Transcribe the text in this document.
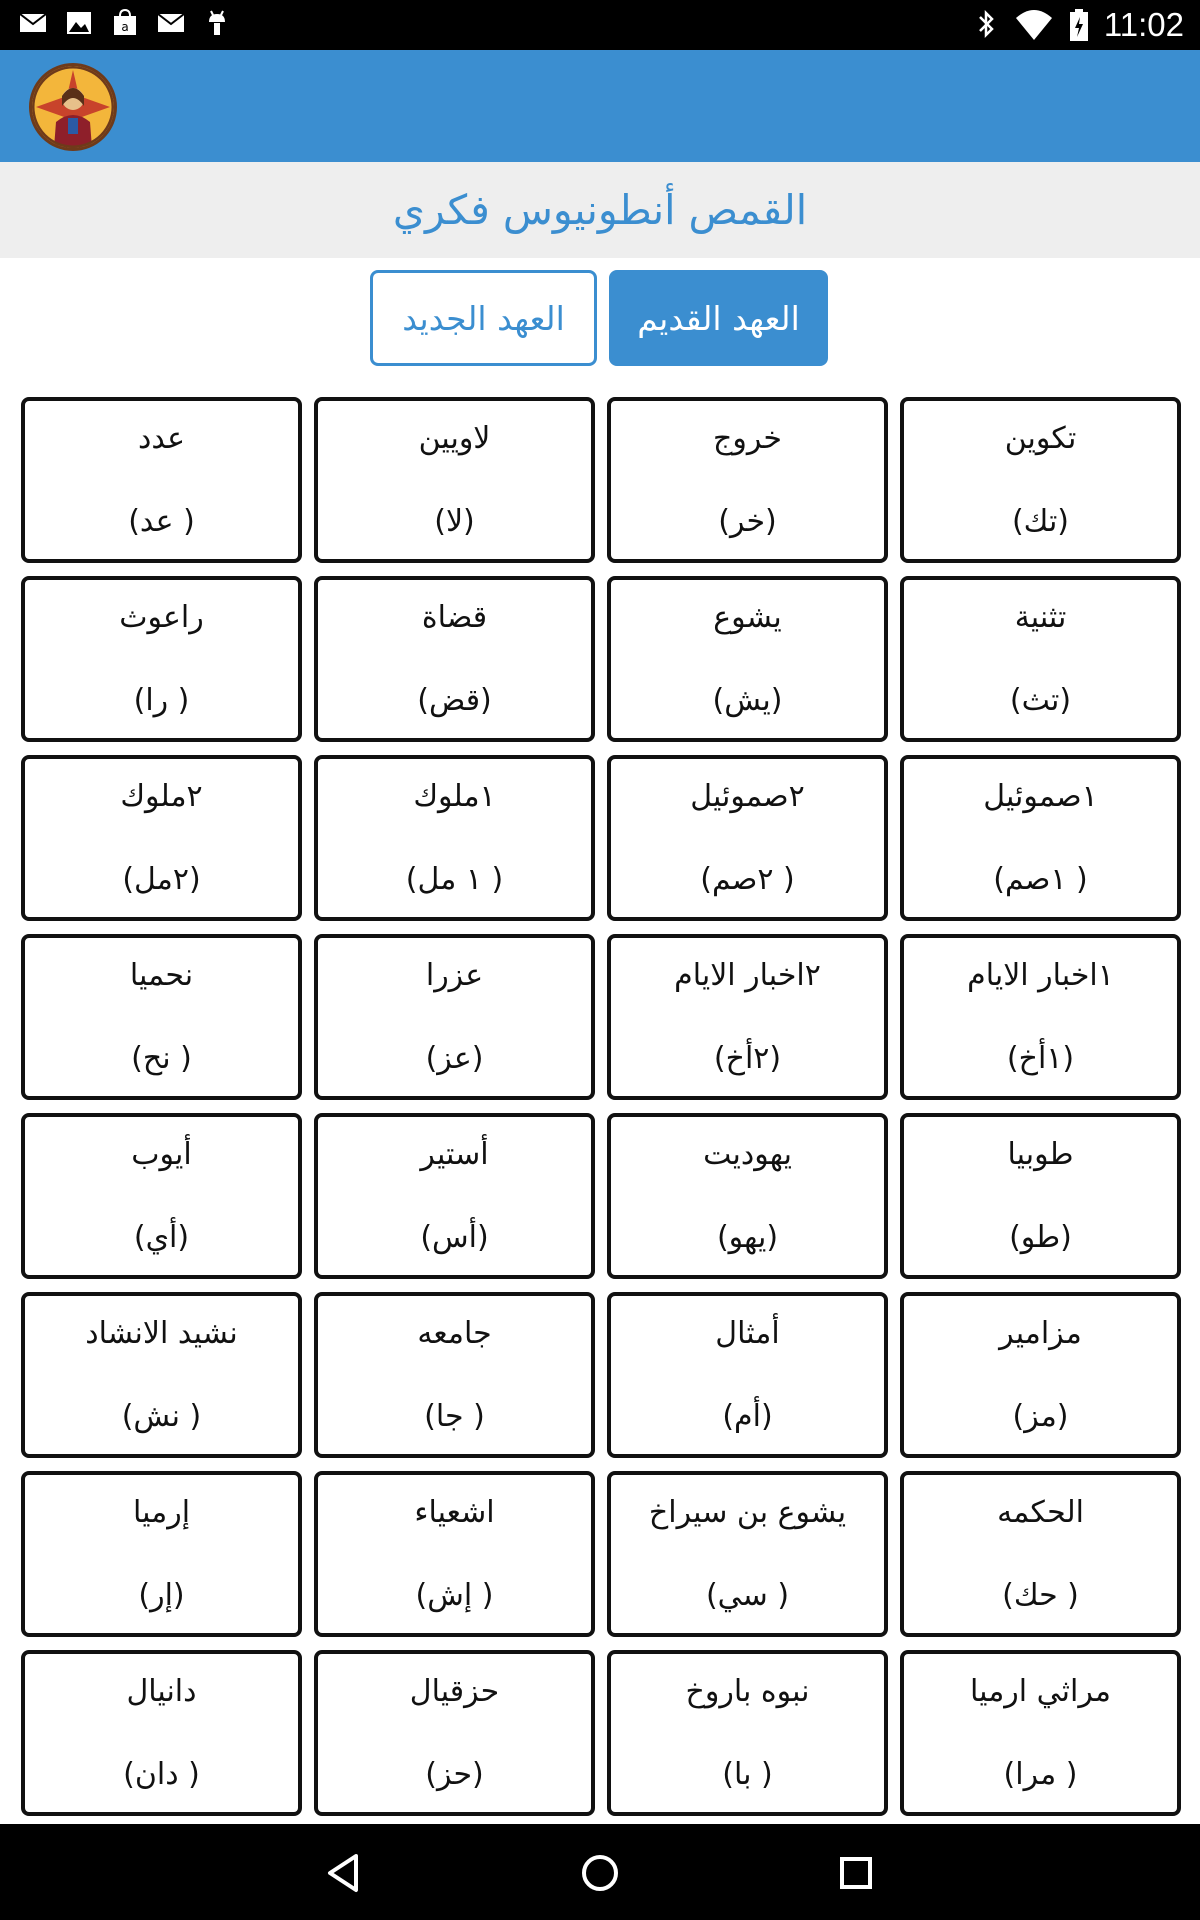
a	11:02
القمص أنطونيوس فكري
العهد الجديد	العهد القديم
تكوين
(تك)
خروج
(خر)
لاويين
(لا)
عدد
( عد)
تثنية
(تث)
يشوع
(يش)
قضاة
(قض)
راعوث
( را)
١صموئيل
( ١صم)
٢صموئيل
( ٢صم)
١ملوك
( ١ مل)
٢ملوك
(٢مل)
١اخبار الايام
(١أخ)
٢اخبار الايام
(٢أخ)
عزرا
(عز)
نحميا
( نح)
طوبيا
(طو)
يهوديت
(يهو)
أستير
(أس)
أيوب
(أي)
مزامير
(مز)
أمثال
(أم)
جامعه
( جا)
نشيد الانشاد
( نش)
الحكمه
( حك)
يشوع بن سيراخ
( سي)
اشعياء
( إش)
إرميا
(إر)
مراثي ارميا
( مرا)
نبوه باروخ
( با)
حزقيال
(حز)
دانيال
( دان)
